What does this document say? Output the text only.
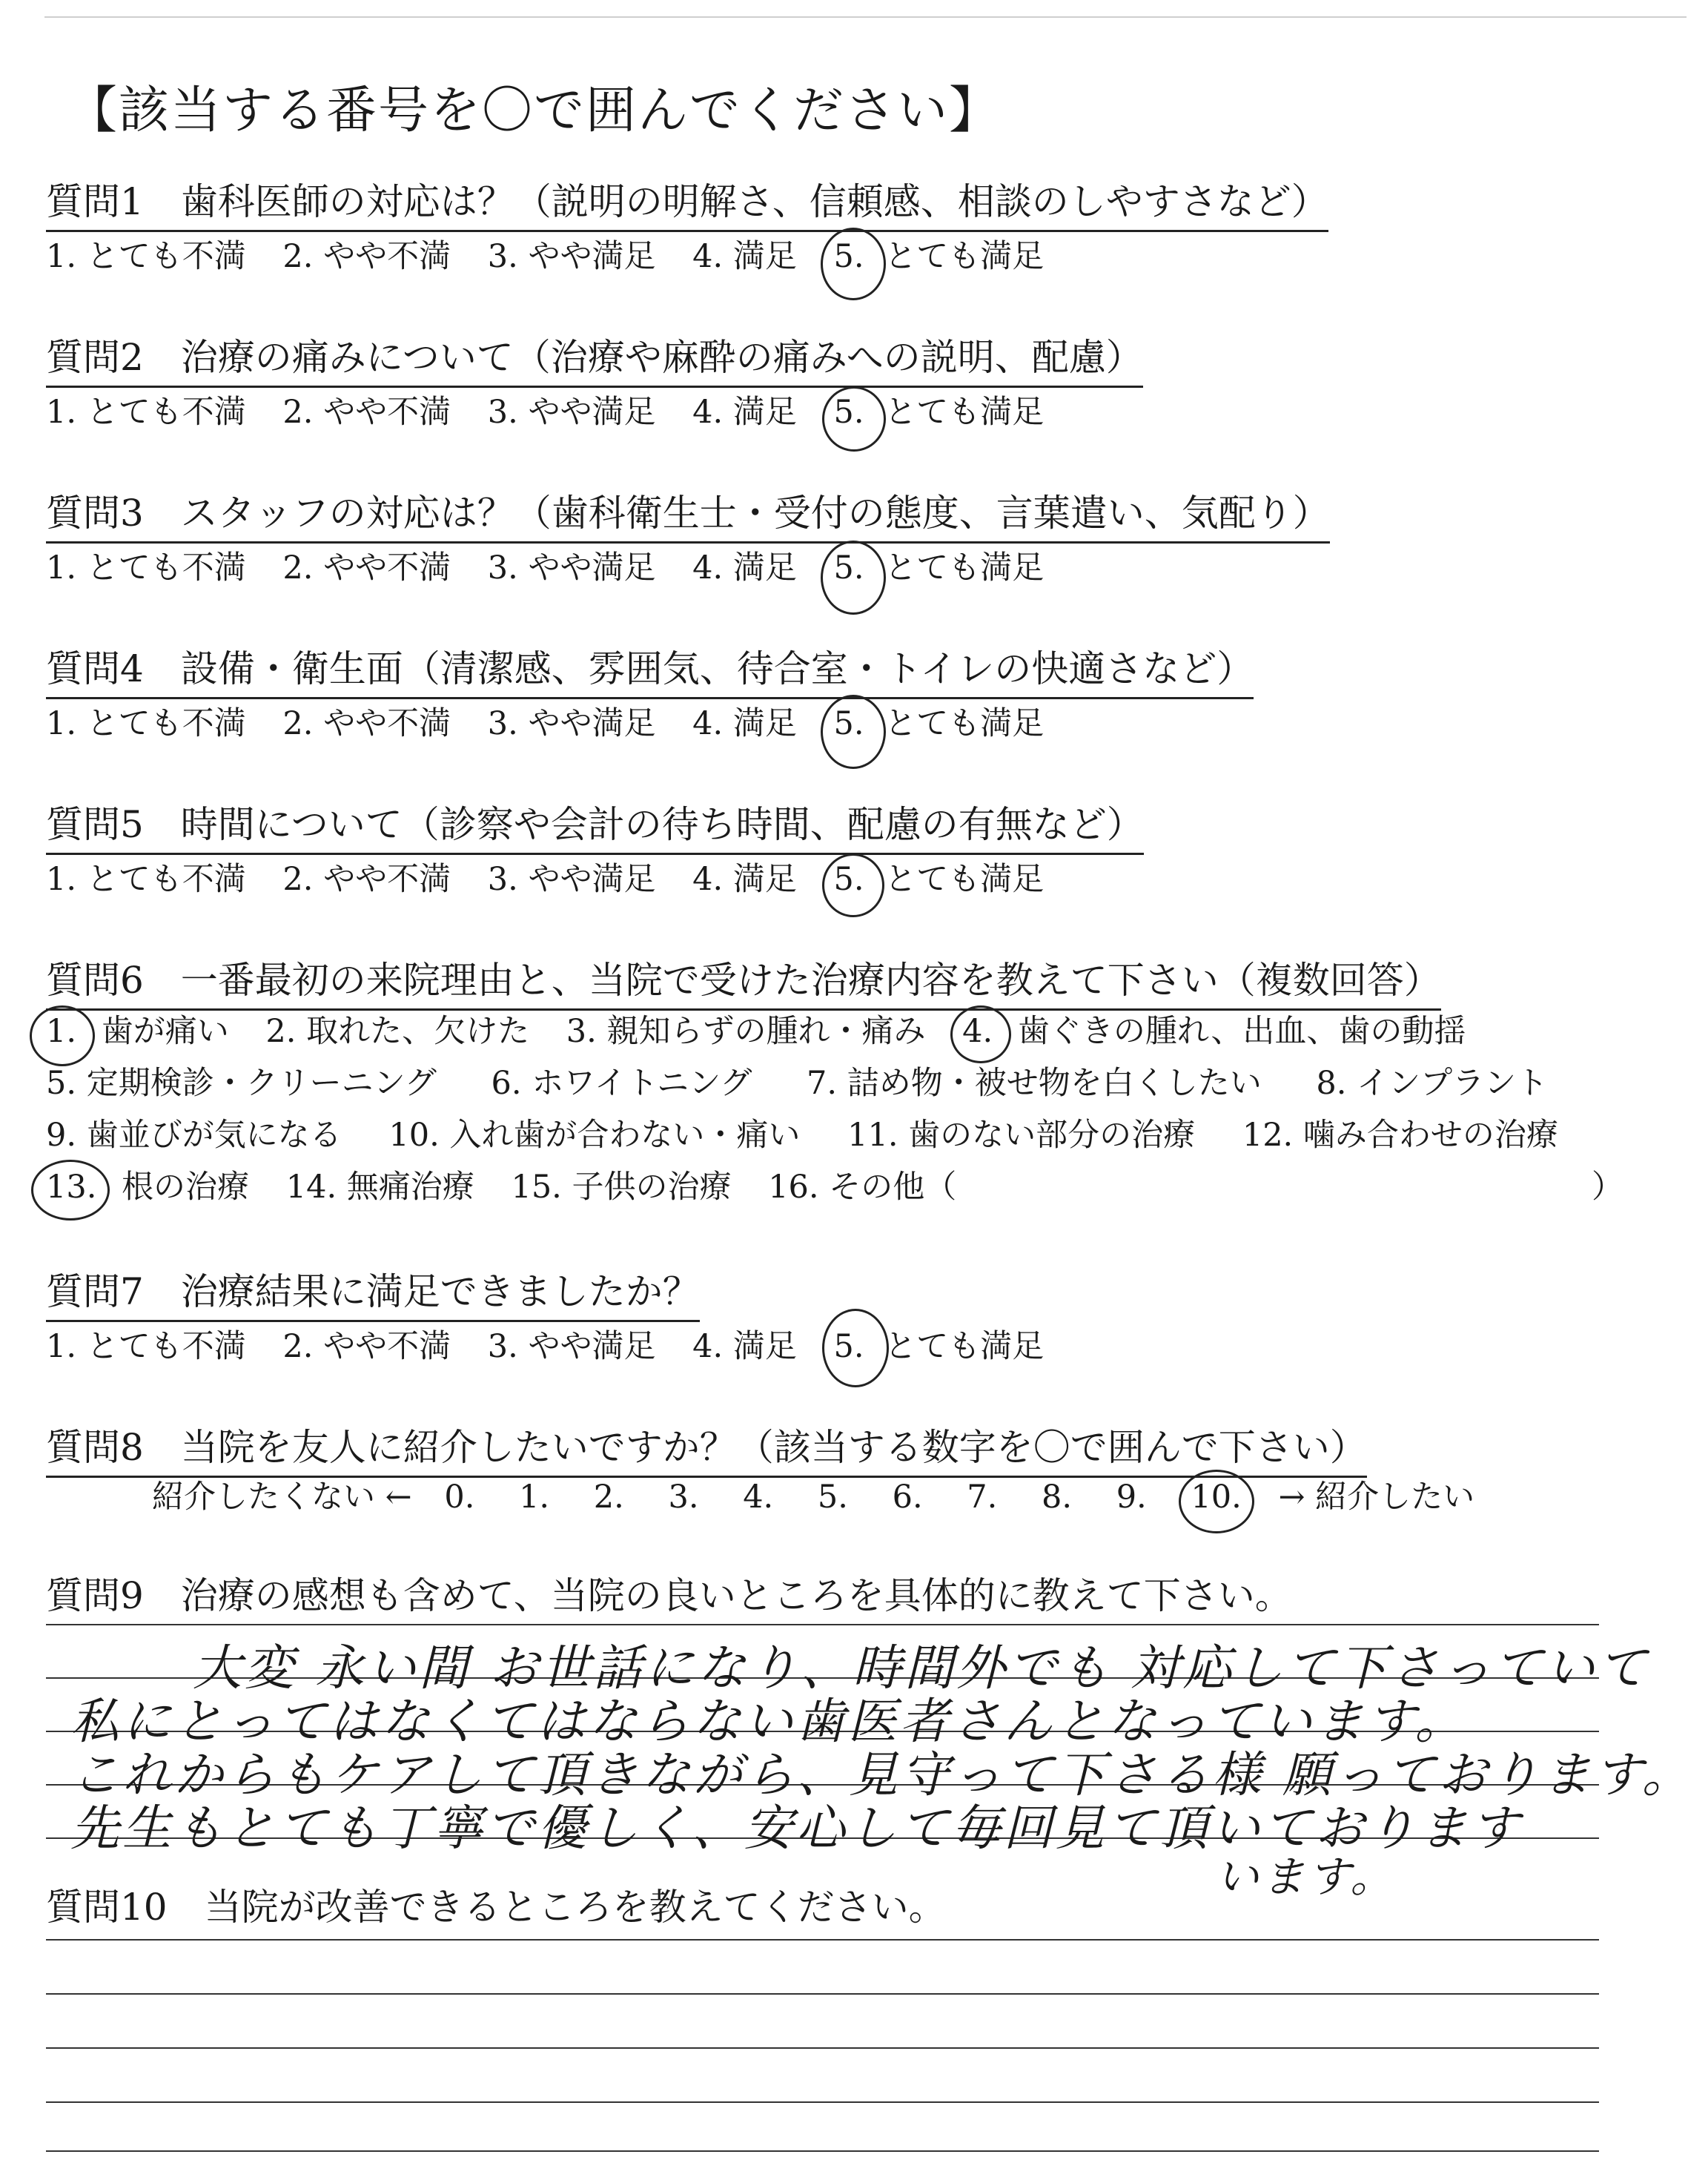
【該当する番号を〇で囲んでください】
質問1　歯科医師の対応は？（説明の明解さ、信頼感、相談のしやすさなど）
1. とても不満 2. やや不満 3. やや満足 4. 満足 5. とても満足
質問2　治療の痛みについて（治療や麻酔の痛みへの説明、配慮）
1. とても不満 2. やや不満 3. やや満足 4. 満足 5. とても満足
質問3　スタッフの対応は？（歯科衛生士・受付の態度、言葉遣い、気配り）
1. とても不満 2. やや不満 3. やや満足 4. 満足 5. とても満足
質問4　設備・衛生面（清潔感、雰囲気、待合室・トイレの快適さなど）
1. とても不満 2. やや不満 3. やや満足 4. 満足 5. とても満足
質問5　時間について（診察や会計の待ち時間、配慮の有無など）
1. とても不満 2. やや不満 3. やや満足 4. 満足 5. とても満足
質問6　一番最初の来院理由と、当院で受けた治療内容を教えて下さい（複数回答）
1. 歯が痛い 2. 取れた、欠けた 3. 親知らずの腫れ・痛み 4. 歯ぐきの腫れ、出血、歯の動揺
5. 定期検診・クリーニング 6. ホワイトニング 7. 詰め物・被せ物を白くしたい 8. インプラント
9. 歯並びが気になる 10. 入れ歯が合わない・痛い 11. 歯のない部分の治療 12. 噛み合わせの治療
13. 根の治療 14. 無痛治療 15. 子供の治療 16. その他（	）
質問7　治療結果に満足できましたか？
1. とても不満 2. やや不満 3. やや満足 4. 満足 5. とても満足
質問8　当院を友人に紹介したいですか？（該当する数字を〇で囲んで下さい）
紹介したくない ← 0. 1. 2. 3. 4. 5. 6. 7. 8. 9. 10. → 紹介したい
質問9　治療の感想も含めて、当院の良いところを具体的に教えて下さい。
大変 永い間 お世話になり、時間外でも 対応して下さっていて
私にとってはなくてはならない歯医者さんとなっています。
これからもケアして頂きながら、見守って下さる様 願っております。
先生もとても丁寧で優しく、安心して毎回見て頂いております
います。
質問10　当院が改善できるところを教えてください。
